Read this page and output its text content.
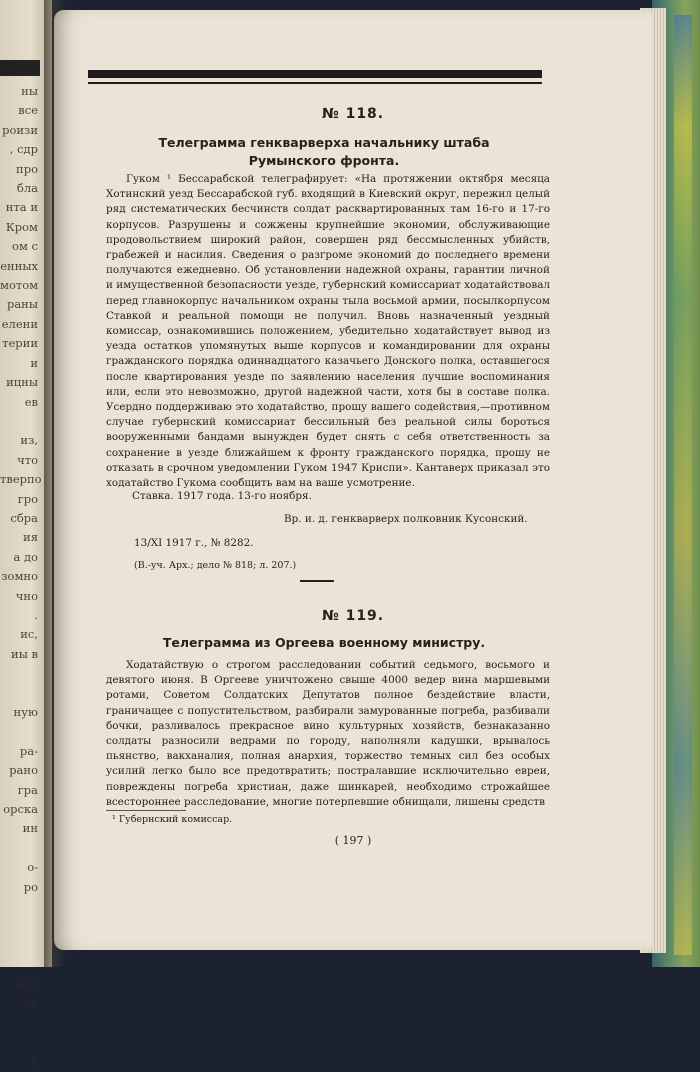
ны все
роизи
, сдр
про
бла
нта и
Кром
ом с
енных
мотом
раны
елени
терии
и
ицны
ев

из, что
тверпо
гро
сбра
ия
а до
зомно
чно
.
ис,
иы в

ную

ра-
рано
гра
орска
ин

о-
ро

ерс
ин

и
№ 118.
Телеграмма генкварверха начальнику штаба Румынского фронта.
Гуком ¹ Бессарабской телеграфирует: «На протяжении октября месяца Хотинский уезд Бессарабской губ. входящий в Киевский округ, пережил целый ряд систематических бесчинств солдат расквартированных там 16-го и 17-го корпусов. Разрушены и сожжены крупнейшие экономии, обслуживающие продовольствием широкий район, совершен ряд бессмысленных убийств, грабежей и насилия. Сведения о разгроме экономий до последнего времени получаются ежедневно. Об установлении надежной охраны, гарантии личной и имущественной безопасности уезде, губернский комиссариат ходатайствовал перед главнокорпус начальником охраны тыла восьмой армии, посылкорпусом Ставкой и реальной помощи не получил. Вновь назначенный уездный комиссар, ознакомившись положением, убедительно ходатайствует вывод из уезда остатков упомянутых выше корпусов и командировании для охраны гражданского порядка одиннадцатого казачьего Донского полка, оставшегося после квартирования уезде по заявлению населения лучшие воспоминания или, если это невозможно, другой надежной части, хотя бы в составе полка. Усердно поддерживаю это ходатайство, прошу вашего содействия,—противном случае губернский комиссариат бессильный без реальной силы бороться вооруженными бандами вынужден будет снять с себя ответственность за сохранение в уезде ближайшем к фронту гражданского порядка, прошу не отказать в срочном уведомлении Гуком 1947 Криспи». Кантаверх приказал это ходатайство Гукома сообщить вам на ваше усмотрение.
Ставка. 1917 года. 13-го ноября.
Вр. и. д. генкварверх полковник Кусонский.
13/XI 1917 г., № 8282.
(В.-уч. Арх.; дело № 818; л. 207.)
№ 119.
Телеграмма из Оргеева военному министру.
Ходатайствую о строгом расследовании событий седьмого, восьмого и девятого июня. В Оргееве уничтожено свыше 4000 ведер вина маршевыми ротами, Советом Солдатских Депутатов полное бездействие власти, граничащее с попустительством, разбирали замурованные погреба, разбивали бочки, разливалось прекрасное вино культурных хозяйств, безнаказанно солдаты разносили ведрами по городу, наполняли кадушки, врывалось пьянство, вакханалия, полная анархия, торжество темных сил без особых усилий легко было все предотвратить; постралавшие исключительно евреи, повреждены погреба христиан, даже шинкарей, необходимо строжайшее всестороннее расследование, многие потерпевшие обнищали, лишены средств
¹ Губернский комиссар.
( 197 )
